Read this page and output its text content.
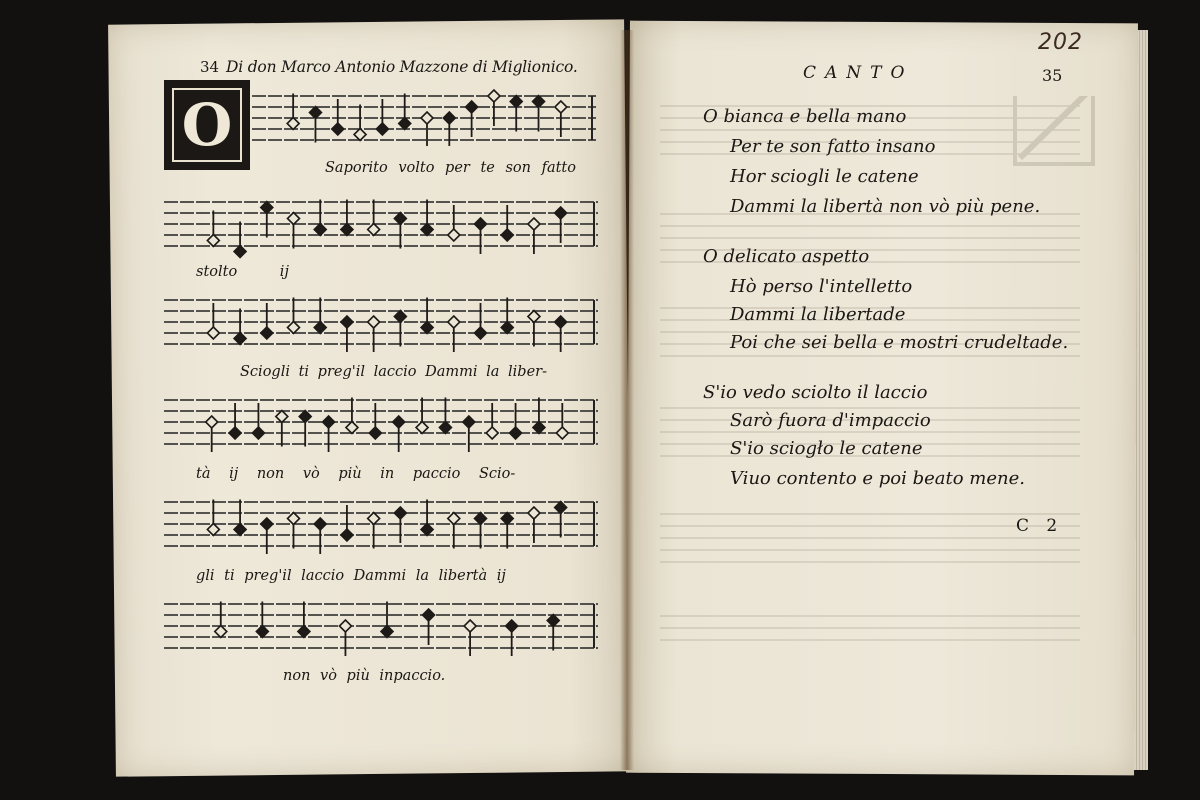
34 Di don Marco Antonio Mazzone di Miglionico.
O
Saporito volto per te son fatto
stolto ij
Sciogli ti preg'il laccio Dammi la liber-
tà ij non vò più in paccio Scio-
gli ti preg'il laccio Dammi la libertà ij
non vò più inpaccio.
202
CANTO	35
O bianca e bella mano
Per te son fatto insano
Hor sciogli le catene
Dammi la libertà non vò più pene.
O delicato aspetto
Hò perso l'intelletto
Dammi la libertade
Poi che sei bella e mostri crudeltade.
S'io vedo sciolto il laccio
Sarò fuora d'impaccio
S'io sciogło le catene
Viuo contento e poi beato mene.
C 2
